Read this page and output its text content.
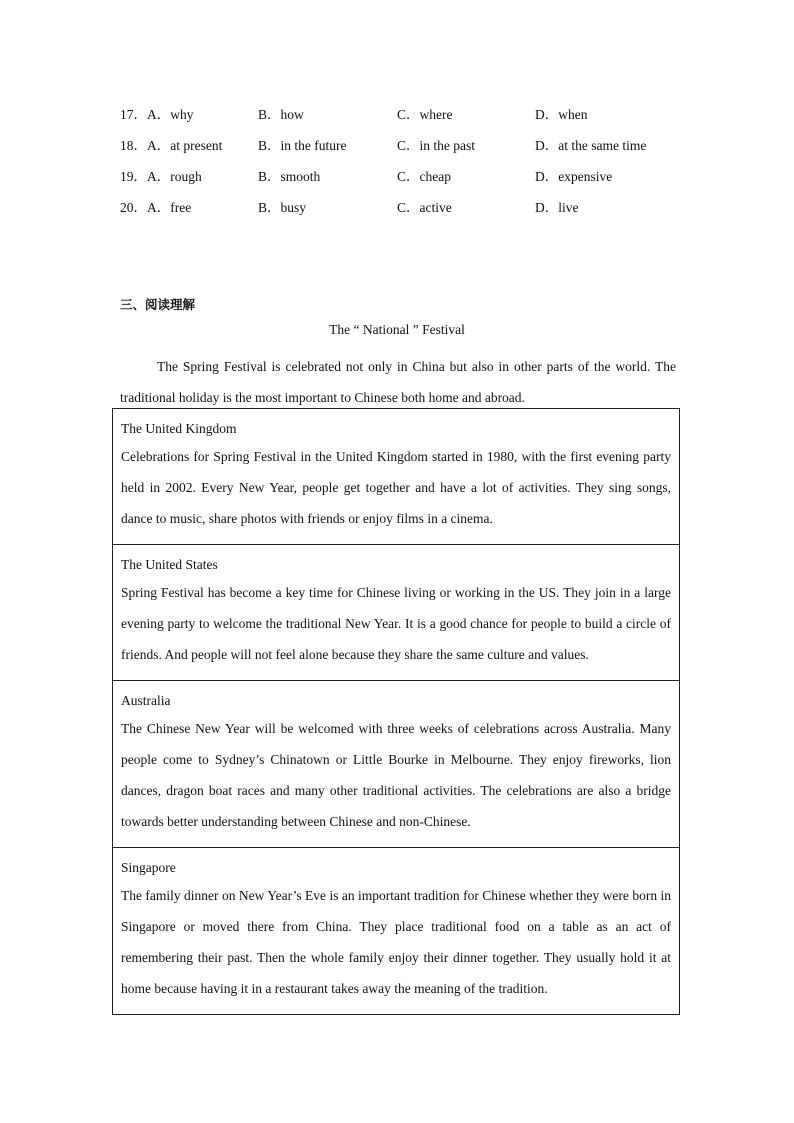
17．A．why	B．how	C．where	D．when
18．A．at present	B．in the future	C．in the past	D．at the same time
19．A．rough	B．smooth	C．cheap	D．expensive
20．A．free	B．busy	C．active	D．live
三、阅读理解
The “ National ” Festival
The Spring Festival is celebrated not only in China but also in other parts of the world. The traditional holiday is the most important to Chinese both home and abroad.
The United Kingdom
Celebrations for Spring Festival in the United Kingdom started in 1980, with the first evening party held in 2002. Every New Year, people get together and have a lot of activities. They sing songs, dance to music, share photos with friends or enjoy films in a cinema.
The United States
Spring Festival has become a key time for Chinese living or working in the US. They join in a large evening party to welcome the traditional New Year. It is a good chance for people to build a circle of friends. And people will not feel alone because they share the same culture and values.
Australia
The Chinese New Year will be welcomed with three weeks of celebrations across Australia. Many people come to Sydney’s Chinatown or Little Bourke in Melbourne. They enjoy fireworks, lion dances, dragon boat races and many other traditional activities. The celebrations are also a bridge towards better understanding between Chinese and non-Chinese.
Singapore
The family dinner on New Year’s Eve is an important tradition for Chinese whether they were born in Singapore or moved there from China. They place traditional food on a table as an act of remembering their past. Then the whole family enjoy their dinner together. They usually hold it at home because having it in a restaurant takes away the meaning of the tradition.
